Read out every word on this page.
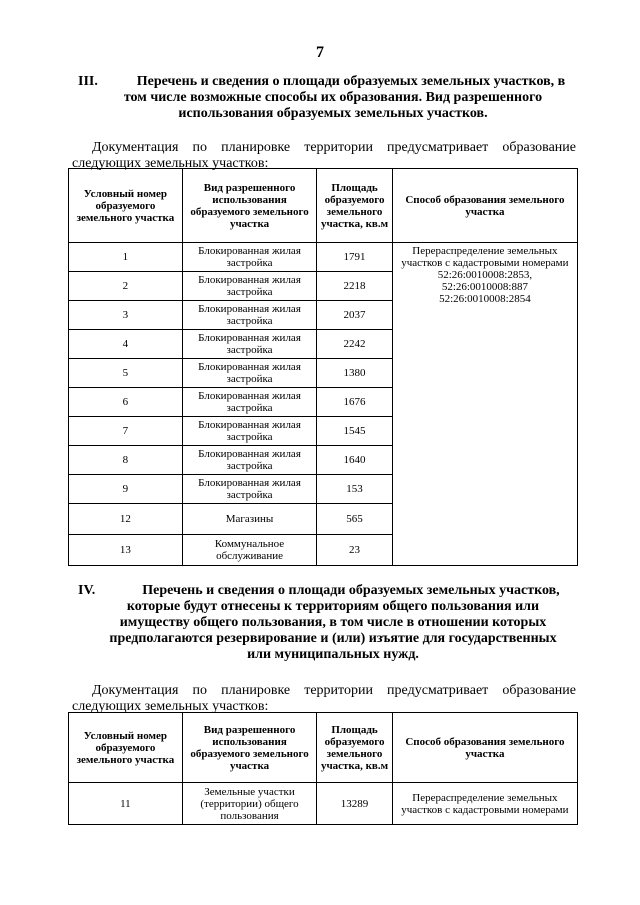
7
III.	Перечень и сведения о площади образуемых земельных участков, в
том числе возможные способы их образования. Вид разрешенного
использования образуемых земельных участков.
Документация по планировке территории предусматривает образование
следующих земельных участков:
Условный номер образуемого земельного участка	Вид разрешенного использования образуемого земельного участка	Площадь образуемого земельного участка, кв.м	Способ образования земельного участка
1	Блокированная жилая застройка	1791	Перераспределение земельных участков с кадастровыми номерами 52:26:0010008:2853, 52:26:0010008:887 52:26:0010008:2854
2	Блокированная жилая застройка	2218	
3	Блокированная жилая застройка	2037	
4	Блокированная жилая застройка	2242	
5	Блокированная жилая застройка	1380	
6	Блокированная жилая застройка	1676	
7	Блокированная жилая застройка	1545	
8	Блокированная жилая застройка	1640	
9	Блокированная жилая застройка	153	
12	Магазины	565	
13	Коммунальное обслуживание	23	
IV.	Перечень и сведения о площади образуемых земельных участков,
которые будут отнесены к территориям общего пользования или
имуществу общего пользования, в том числе в отношении которых
предполагаются резервирование и (или) изъятие для государственных
или муниципальных нужд.
Документация по планировке территории предусматривает образование
следующих земельных участков:
Условный номер образуемого земельного участка	Вид разрешенного использования образуемого земельного участка	Площадь образуемого земельного участка, кв.м	Способ образования земельного участка
11	Земельные участки (территории) общего пользования	13289	Перераспределение земельных участков с кадастровыми номерами
